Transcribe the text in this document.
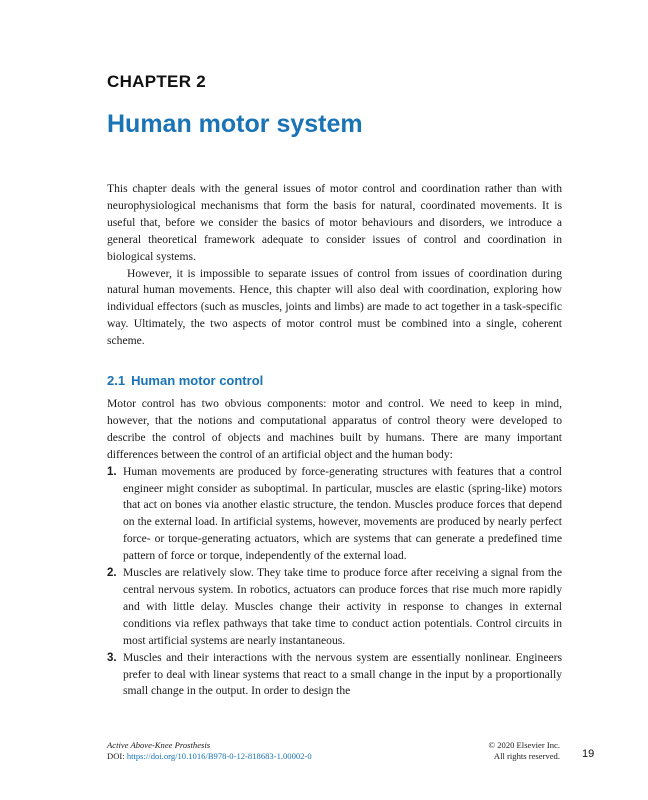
CHAPTER 2
Human motor system

This chapter deals with the general issues of motor control and coordination rather than with neurophysiological mechanisms that form the basis for natural, coordinated movements. It is useful that, before we consider the basics of motor behaviours and disorders, we introduce a general theoretical framework adequate to consider issues of control and coordination in biological systems.

However, it is impossible to separate issues of control from issues of coordination during natural human movements. Hence, this chapter will also deal with coordination, exploring how individual effectors (such as muscles, joints and limbs) are made to act together in a task-specific way. Ultimately, the two aspects of motor control must be combined into a single, coherent scheme.

2.1 Human motor control

Motor control has two obvious components: motor and control. We need to keep in mind, however, that the notions and computational apparatus of control theory were developed to describe the control of objects and machines built by humans. There are many important differences between the control of an artificial object and the human body:

1. Human movements are produced by force-generating structures with features that a control engineer might consider as suboptimal. In particular, muscles are elastic (spring-like) motors that act on bones via another elastic structure, the tendon. Muscles produce forces that depend on the external load. In artificial systems, however, movements are produced by nearly perfect force- or torque-generating actuators, which are systems that can generate a predefined time pattern of force or torque, independently of the external load.
2. Muscles are relatively slow. They take time to produce force after receiving a signal from the central nervous system. In robotics, actuators can produce forces that rise much more rapidly and with little delay. Muscles change their activity in response to changes in external conditions via reflex pathways that take time to conduct action potentials. Control circuits in most artificial systems are nearly instantaneous.
3. Muscles and their interactions with the nervous system are essentially nonlinear. Engineers prefer to deal with linear systems that react to a small change in the input by a proportionally small change in the output. In order to design the
Active Above-Knee Prosthesis
DOI: https://doi.org/10.1016/B978-0-12-818683-1.00002-0
© 2020 Elsevier Inc.
All rights reserved. 19
